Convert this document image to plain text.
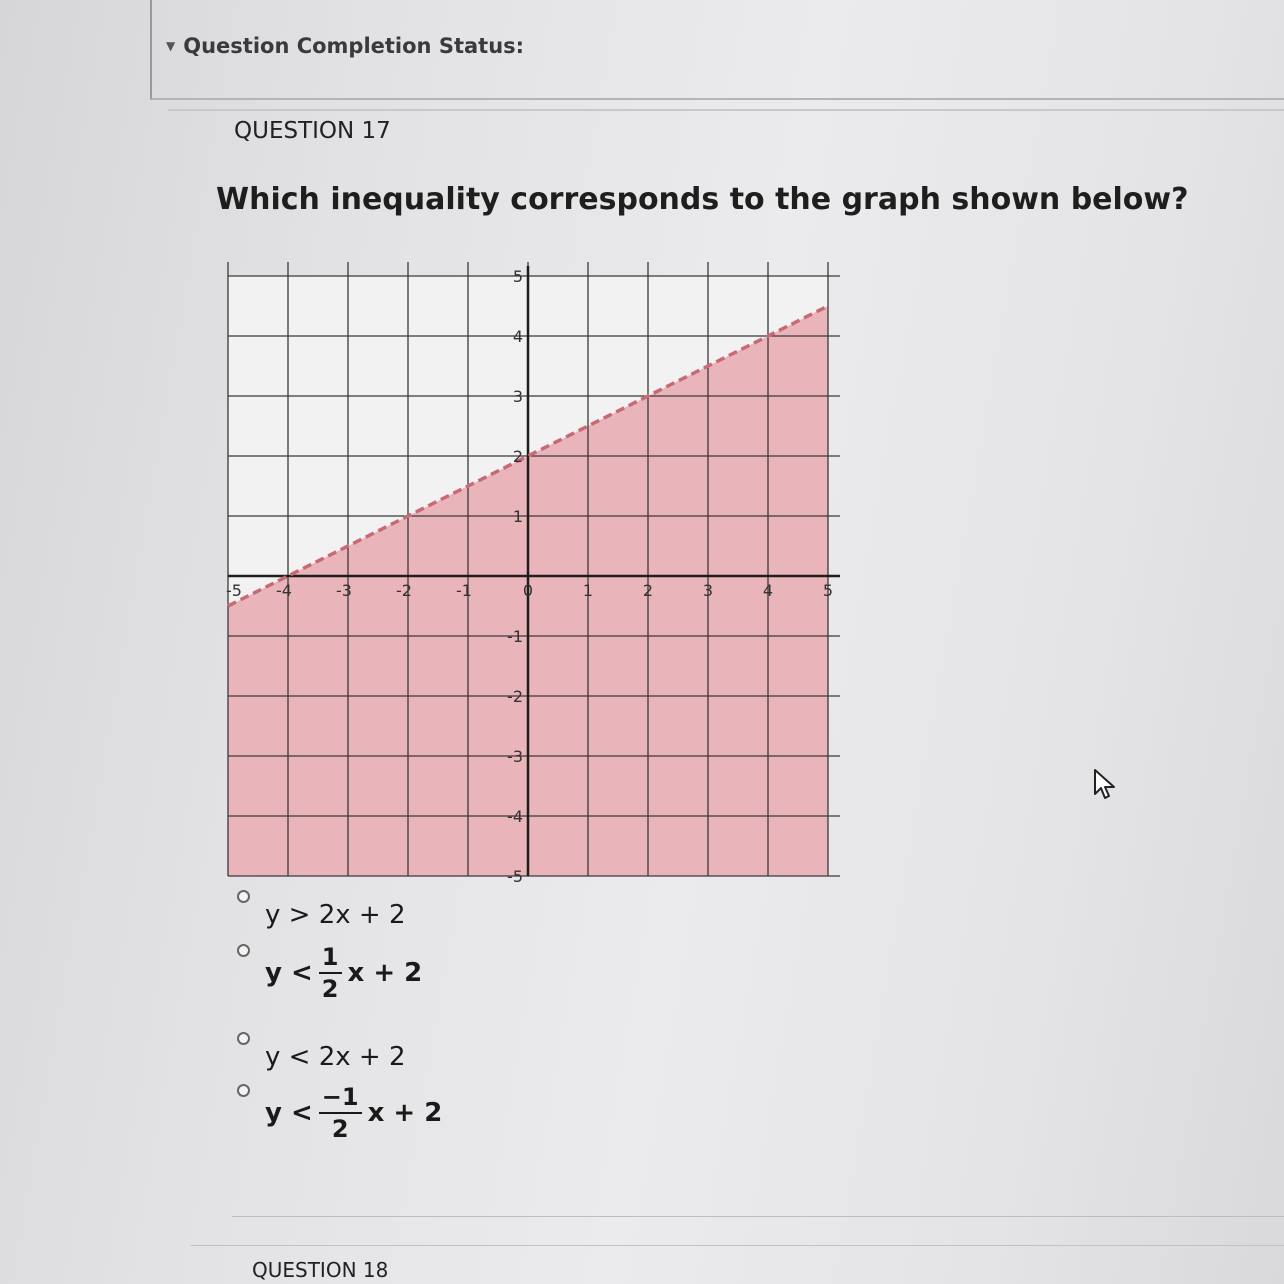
▼ Question Completion Status:
QUESTION 17
Which inequality corresponds to the graph shown below?
-5 -4	-3	-2	-1	0	1	2	3	4	5
-5
-4
-3
-2
-1
1
2
3
4
5
y > 2x + 2
$y < \frac{1}{2}$ x + 2
y < 2x + 2
$y < \frac{-1}{2}$ x + 2
QUESTION 18
